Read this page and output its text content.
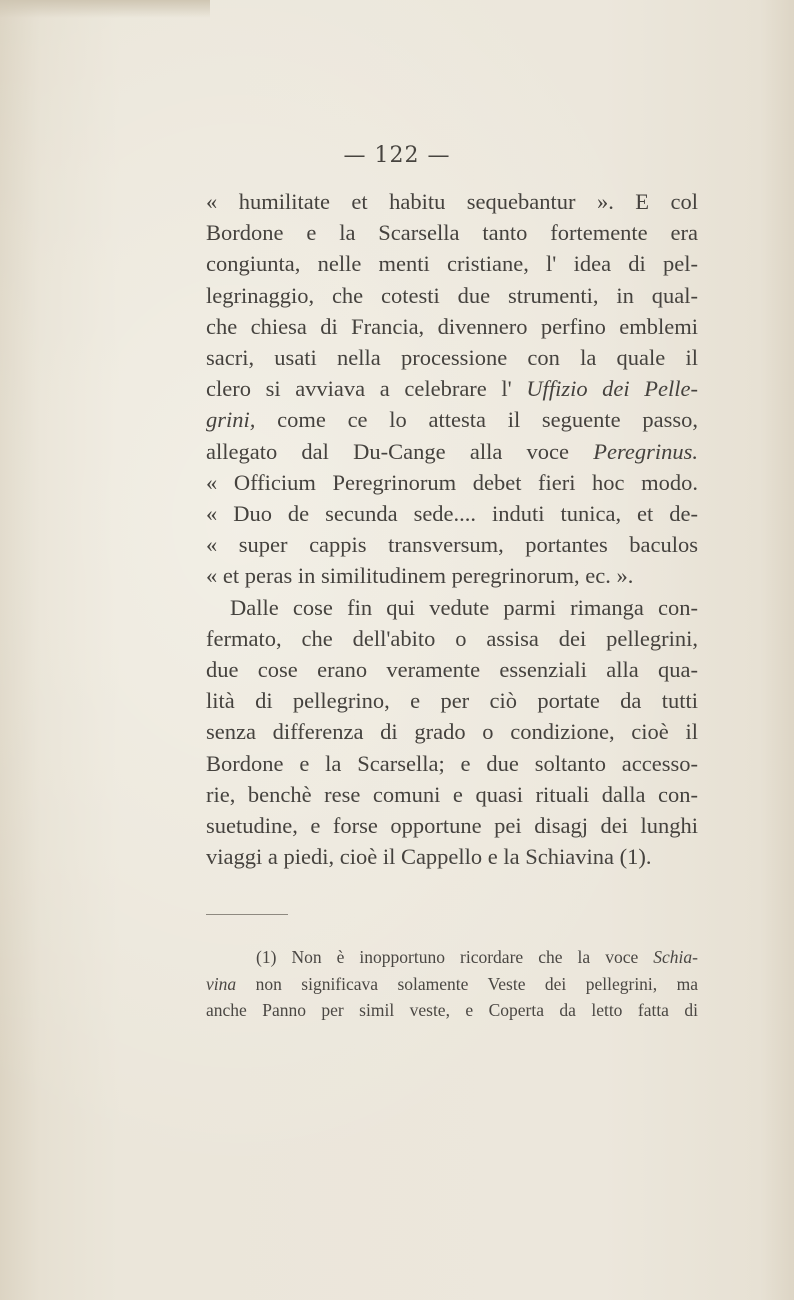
— 122 —
« humilitate et habitu sequebantur ». E col
Bordone e la Scarsella tanto fortemente era
congiunta, nelle menti cristiane, l' idea di pel-
legrinaggio, che cotesti due strumenti, in qual-
che chiesa di Francia, divennero perfino emblemi
sacri, usati nella processione con la quale il
clero si avviava a celebrare l' Uffizio dei Pelle-
grini, come ce lo attesta il seguente passo,
allegato dal Du-Cange alla voce Peregrinus.
« Officium Peregrinorum debet fieri hoc modo.
« Duo de secunda sede.... induti tunica, et de-
« super cappis transversum, portantes baculos
« et peras in similitudinem peregrinorum, ec. ».
Dalle cose fin qui vedute parmi rimanga con-
fermato, che dell'abito o assisa dei pellegrini,
due cose erano veramente essenziali alla qua-
lità di pellegrino, e per ciò portate da tutti
senza differenza di grado o condizione, cioè il
Bordone e la Scarsella; e due soltanto accesso-
rie, benchè rese comuni e quasi rituali dalla con-
suetudine, e forse opportune pei disagj dei lunghi
viaggi a piedi, cioè il Cappello e la Schiavina (1).
(1) Non è inopportuno ricordare che la voce Schia-
vina non significava solamente Veste dei pellegrini, ma
anche Panno per simil veste, e Coperta da letto fatta di
